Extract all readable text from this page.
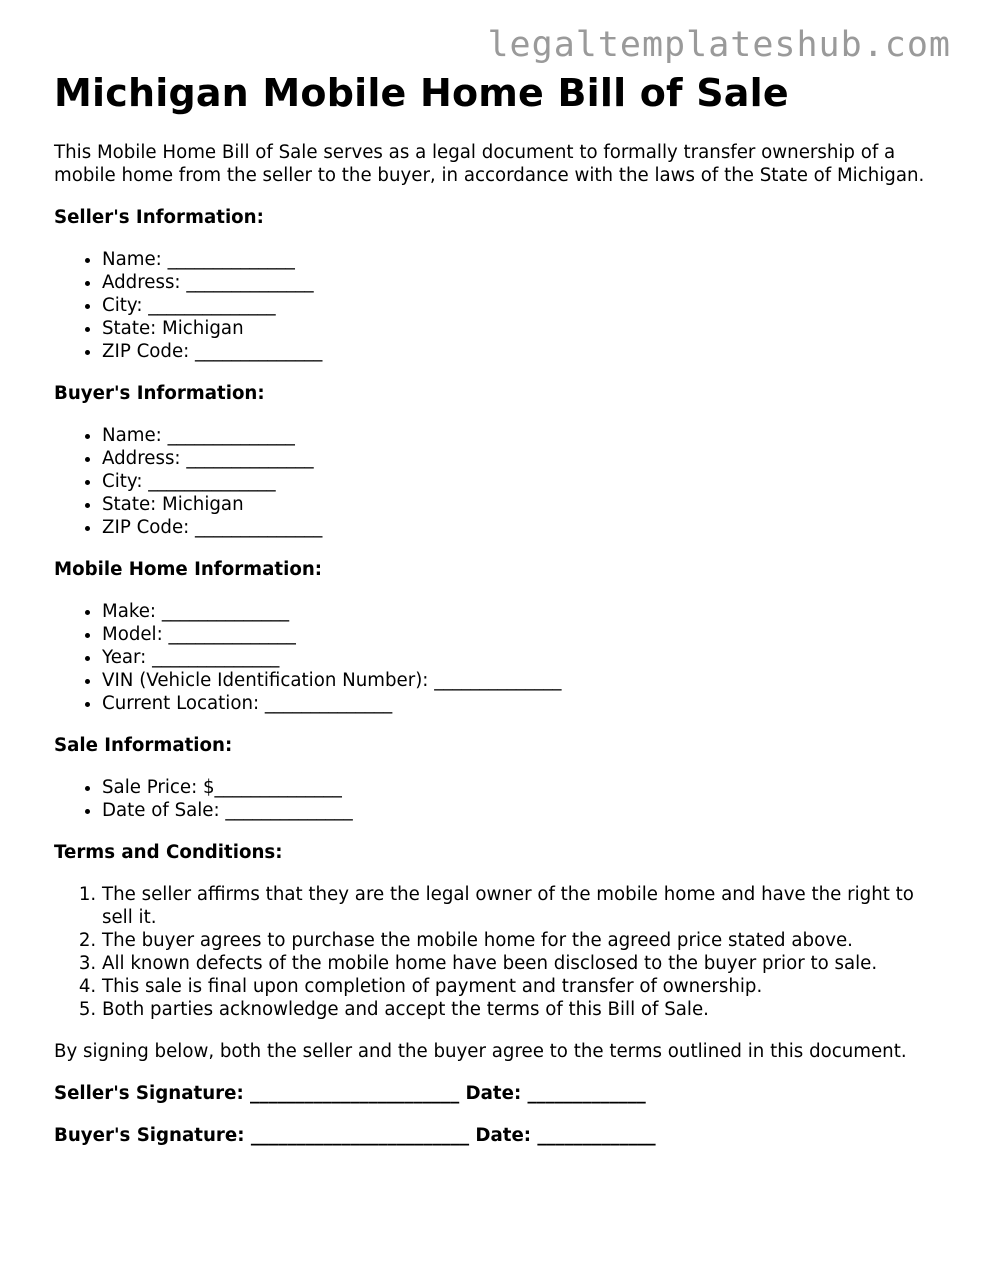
legaltemplateshub.com
Michigan Mobile Home Bill of Sale

This Mobile Home Bill of Sale serves as a legal document to formally transfer ownership of a mobile home from the seller to the buyer, in accordance with the laws of the State of Michigan.

Seller's Information:

• Name: ______________
• Address: ______________
• City: ______________
• State: Michigan
• ZIP Code: ______________

Buyer's Information:

• Name: ______________
• Address: ______________
• City: ______________
• State: Michigan
• ZIP Code: ______________

Mobile Home Information:

• Make: ______________
• Model: ______________
• Year: ______________
• VIN (Vehicle Identification Number): ______________
• Current Location: ______________

Sale Information:

• Sale Price: $______________
• Date of Sale: ______________

Terms and Conditions:

1. The seller affirms that they are the legal owner of the mobile home and have the right to sell it.
2. The buyer agrees to purchase the mobile home for the agreed price stated above.
3. All known defects of the mobile home have been disclosed to the buyer prior to sale.
4. This sale is final upon completion of payment and transfer of ownership.
5. Both parties acknowledge and accept the terms of this Bill of Sale.

By signing below, both the seller and the buyer agree to the terms outlined in this document.

Seller's Signature: _______________________ Date: _____________

Buyer's Signature: ________________________ Date: _____________
